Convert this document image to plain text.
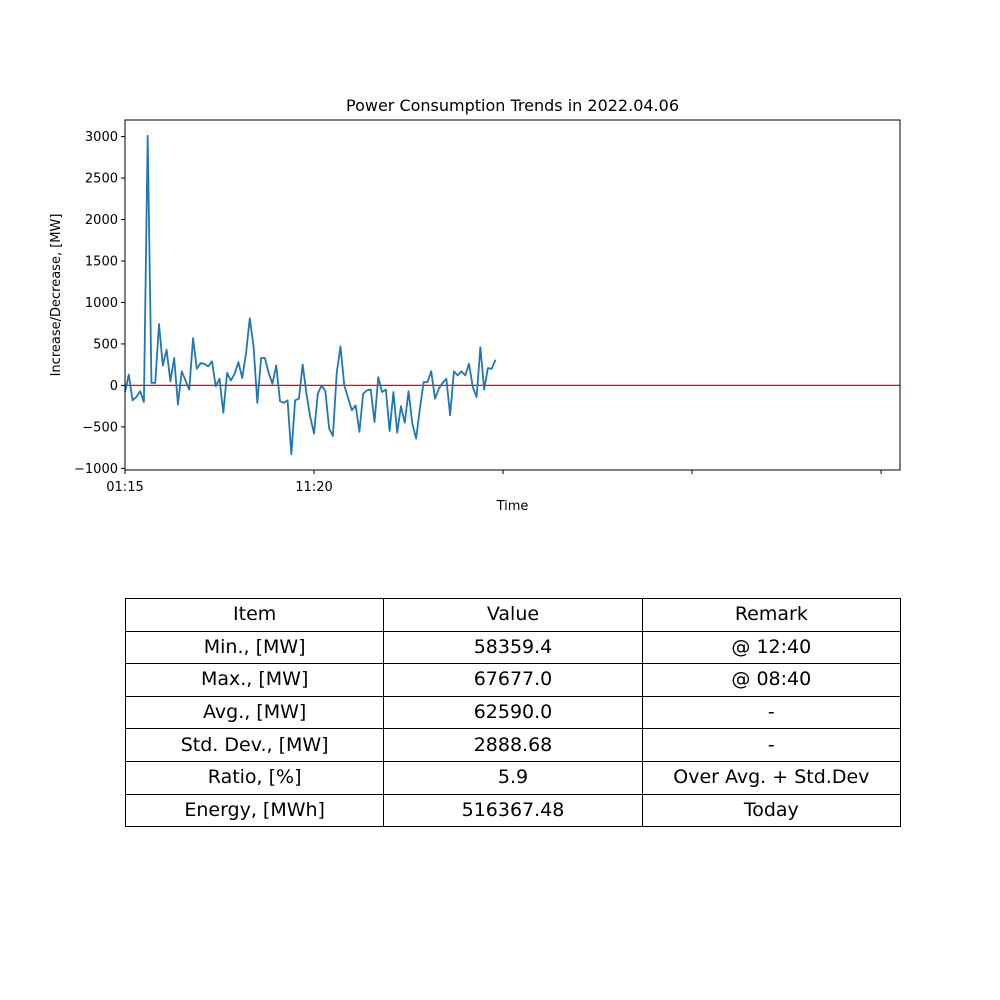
Power Consumption Trends in 2022.04.06
Increase/Decrease, [MW]
Time
3000
2500
2000
1500
1000
500
0
−500
−1000
01:15	11:20
Item	Value	Remark
Min., [MW]	58359.4	@ 12:40
Max., [MW]	67677.0	@ 08:40
Avg., [MW]	62590.0	-
Std. Dev., [MW]	2888.68	-
Ratio, [%]	5.9	Over Avg. + Std.Dev
Energy, [MWh]	516367.48	Today
